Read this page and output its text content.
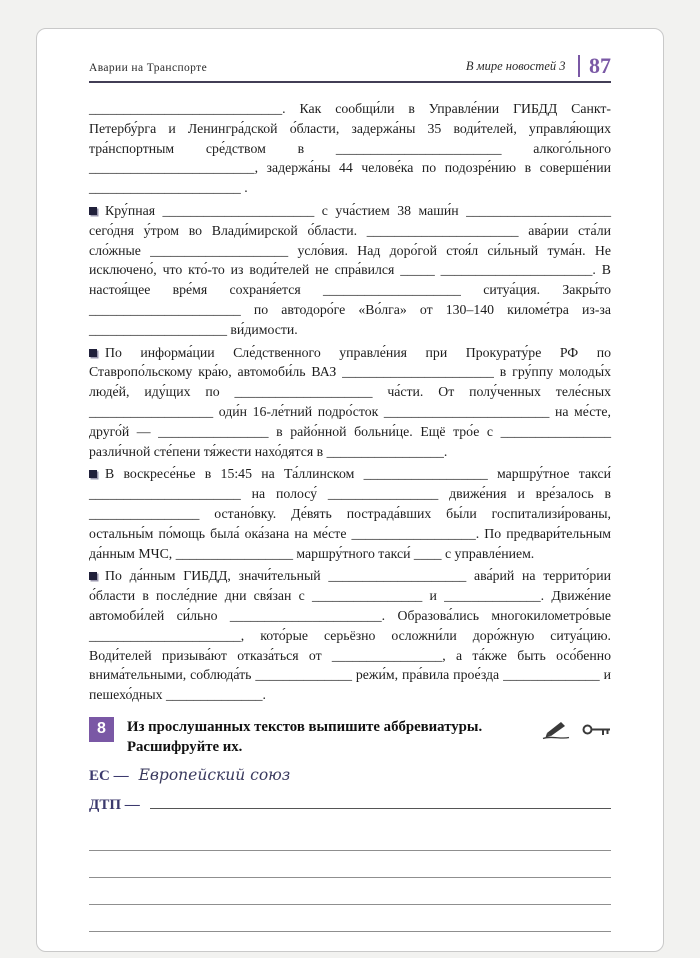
Аварии на Транспорте	В мире новостей 3 87

____________________________. Как сообщи́ли в Управле́нии ГИБДД Санкт-Петербу́рга и Ленингра́дской о́бласти, задержа́ны 35 води́телей, управля́ющих тра́нспортным сре́дством в ________________________ алкого́льного ________________________, задержа́ны 44 челове́ка по подозре́нию в соверше́нии ______________________ .

Кру́пная ______________________ с уча́стием 38 маши́н _____________________ сего́дня у́тром во Влади́мирской о́бласти. ______________________ ава́рии ста́ли сло́жные ____________________ усло́вия. Над доро́гой стоя́л си́льный тума́н. Не исключено́, что кто́-то из води́телей не спра́вился _____ ______________________. В настоя́щее вре́мя сохраня́ется ____________________ ситуа́ция. Закры́то ______________________ по автодоро́ге «Во́лга» от 130–140 киломе́тра из-за ____________________ ви́димости.

По информа́ции Сле́дственного управле́ния при Прокурату́ре РФ по Ставропо́льскому кра́ю, автомоби́ль ВАЗ ______________________ в гру́ппу молоды́х люде́й, иду́щих по ____________________ ча́сти. От полу́ченных теле́сных __________________ оди́н 16-ле́тний подро́сток ________________________ на ме́сте, друго́й — ________________ в райо́нной больни́це. Ещё тро́е с ________________ разли́чной сте́пени тя́жести нахо́дятся в _________________.

В воскресе́нье в 15:45 на Та́ллинском __________________ маршру́тное такси́ ______________________ на полосу́ ________________ движе́ния и вре́залось в ________________ остано́вку. Де́вять пострада́вших бы́ли госпитализи́рованы, остальны́м по́мощь была́ ока́зана на ме́сте __________________. По предвари́тельным да́нным МЧС, _________________ маршру́тного такси́ ____ с управле́нием.

По да́нным ГИБДД, значи́тельный ____________________ ава́рий на террито́рии о́бласти в после́дние дни свя́зан с ________________ и ______________. Движе́ние автомоби́лей си́льно ______________________. Образова́лись многокилометро́вые ______________________, кото́рые серьёзно осложни́ли доро́жную ситуа́цию. Води́телей призыва́ют отказа́ться от ________________, а та́кже быть осо́бенно внима́тельными, соблюда́ть ______________ режи́м, пра́вила прое́зда ______________ и пешехо́дных ______________.

8	Из прослушанных текстов выпишите аббревиатуры. Расшифруйте их.
ЕС — Европейский союз
ДТП —
